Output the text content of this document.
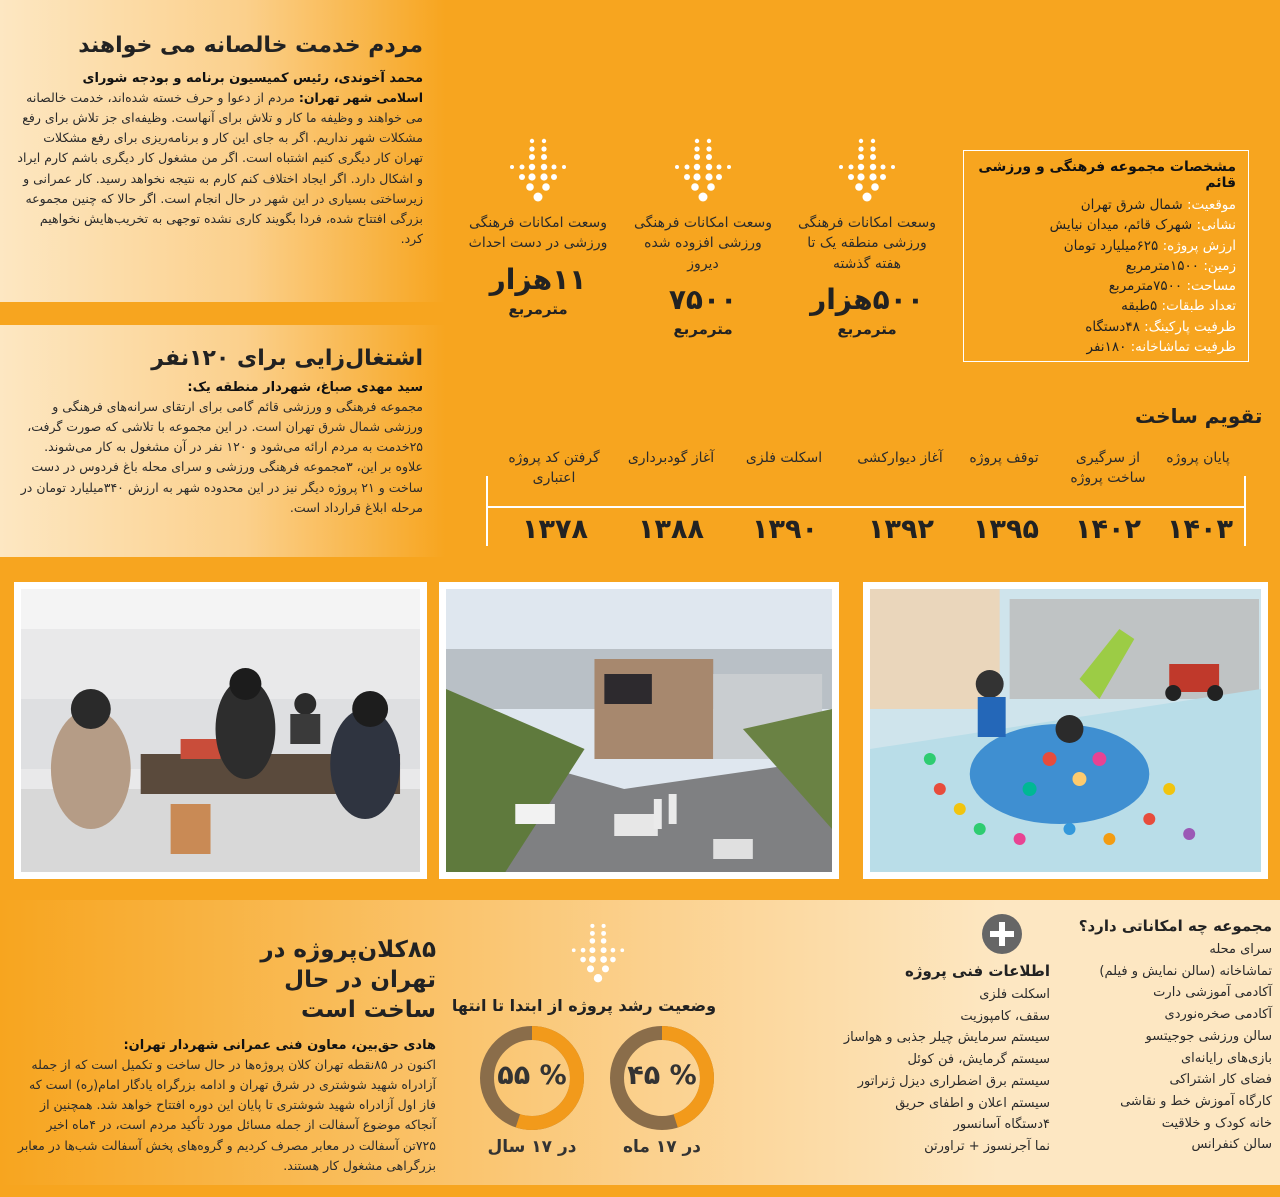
مردم خدمت خالصانه می خواهند
محمد آخوندی، رئیس کمیسیون برنامه و بودجه شورای
اسلامی شهر تهران: مردم از دعوا و حرف خسته شده‌اند، خدمت خالصانه می خواهند و وظیفه ما کار و تلاش برای آنهاست. وظیفه‌ای جز تلاش برای رفع مشکلات شهر نداریم. اگر به جای این کار و برنامه‌ریزی برای رفع مشکلات تهران کار دیگری کنیم اشتباه است. اگر من مشغول کار دیگری باشم کارم ایراد و اشکال دارد. اگر ایجاد اختلاف کنم کارم به نتیجه نخواهد رسید. کار عمرانی و زیرساختی بسیاری در این شهر در حال انجام است. اگر حالا که چنین مجموعه بزرگی افتتاح شده، فردا بگویند کاری نشده توجهی به تخریب‌هایش نخواهیم کرد.
اشتغال‌زایی برای ۱۲۰نفر
سید مهدی صباغ، شهردار منطقه یک:
مجموعه فرهنگی و ورزشی قائم گامی برای ارتقای سرانه‌های فرهنگی و ورزشی شمال شرق تهران است. در این مجموعه با تلاشی که صورت گرفت، ۲۵خدمت به مردم ارائه می‌شود و ۱۲۰ نفر در آن مشغول به کار می‌شوند. علاوه بر این، ۳مجموعه فرهنگی ورزشی و سرای محله باغ فردوس در دست ساخت و ۲۱ پروژه دیگر نیز در این محدوده شهر به ارزش ۳۴۰میلیارد تومان در مرحله ابلاغ قرارداد است.
وسعت امکانات فرهنگی ورزشی منطقه یک تا هفته گذشته
۵۰۰هزار
مترمربع
وسعت امکانات فرهنگی ورزشی افزوده شده دیروز
۷۵۰۰
مترمربع
وسعت امکانات فرهنگی ورزشی در دست احداث
۱۱هزار
مترمربع
مشخصات مجموعه فرهنگی و ورزشی قائم
موقعیت: شمال شرق تهران
نشانی: شهرک قائم، میدان نیایش
ارزش پروژه: ۶۲۵میلیارد تومان
زمین: ۱۵۰۰مترمربع
مساحت: ۷۵۰۰مترمربع
تعداد طبقات: ۵طبقه
ظرفیت پارکینگ: ۴۸دستگاه
ظرفیت تماشاخانه: ۱۸۰نفر
تقویم ساخت
پایان پروژه
از سرگیری ساخت پروژه
توقف پروژه
آغاز دیوارکشی
اسکلت فلزی
آغاز گودبرداری
گرفتن کد پروژه اعتباری
۱۴۰۳
۱۴۰۲
۱۳۹۵
۱۳۹۲
۱۳۹۰
۱۳۸۸
۱۳۷۸
۸۵کلان‌پروژه در تهران در حال ساخت است
هادی حق‌بین، معاون فنی عمرانی شهردار تهران:
اکنون در ۸۵نقطه تهران کلان پروژه‌ها در حال ساخت و تکمیل است که از جمله آزادراه شهید شوشتری در شرق تهران و ادامه بزرگراه یادگار امام(ره) است که فاز اول آزادراه شهید شوشتری تا پایان این دوره افتتاح خواهد شد. همچنین از آنجاکه موضوع آسفالت از جمله مسائل مورد تأکید مردم است، در ۴ماه اخیر ۷۲۵تن آسفالت در معابر مصرف کردیم و گروه‌های پخش آسفالت شب‌ها در معابر بزرگراهی مشغول کار هستند.
وضعیت رشد پروژه از ابتدا تا انتها
% ۴۵
در ۱۷ ماه
% ۵۵
در ۱۷ سال
اطلاعات فنی پروژه
اسکلت فلزی
سقف، کامپوزیت
سیستم سرمایش چیلر جذبی و هواساز
سیستم گرمایش، فن کوئل
سیستم برق اضطراری دیزل ژنراتور
سیستم اعلان و اطفای حریق
۴دستگاه آسانسور
نما آجرنسوز + تراورتن
مجموعه چه امکاناتی دارد؟
سرای محله
تماشاخانه (سالن نمایش و فیلم)
آکادمی آموزشی دارت
آکادمی صخره‌نوردی
سالن ورزشی جوجیتسو
بازی‌های رایانه‌ای
فضای کار اشتراکی
کارگاه آموزش خط و نقاشی
خانه کودک و خلاقیت
سالن کنفرانس
